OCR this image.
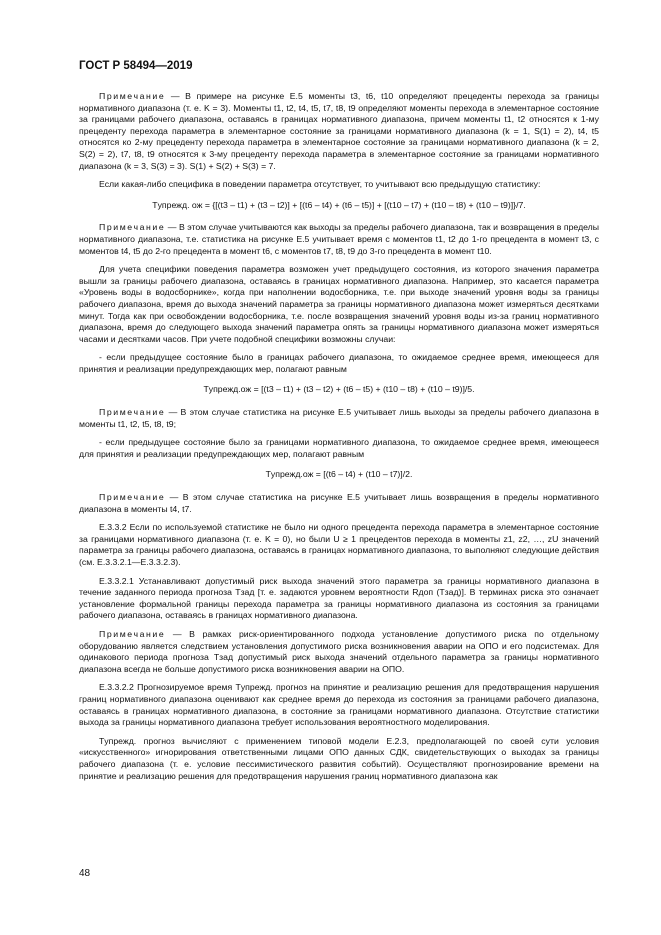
ГОСТ Р 58494—2019

Примечание — В примере на рисунке Е.5 моменты t3, t6, t10 определяют прецеденты перехода за границы нормативного диапазона (т. е. K = 3). Моменты t1, t2, t4, t5, t7, t8, t9 определяют моменты перехода в элементарное состояние за границами рабочего диапазона, оставаясь в границах нормативного диапазона, причем моменты t1, t2 относятся к 1-му прецеденту перехода параметра в элементарное состояние за границами нормативного диапазона (k = 1, S(1) = 2), t4, t5 относятся ко 2-му прецеденту перехода параметра в элементарное состояние за границами нормативного диапазона (k = 2, S(2) = 2), t7, t8, t9 относятся к 3-му прецеденту перехода параметра в элементарное состояние за границами нормативного диапазона (k = 3, S(3) = 3). S(1) + S(2) + S(3) = 7.

Если какая-либо специфика в поведении параметра отсутствует, то учитывают всю предыдущую статистику:

Tупрежд. ож = {[(t3 – t1) + (t3 – t2)] + [(t6 – t4) + (t6 – t5)] + [(t10 – t7) + (t10 – t8) + (t10 – t9)]}/7.

Примечание — В этом случае учитываются как выходы за пределы рабочего диапазона, так и возвращения в пределы нормативного диапазона, т.е. статистика на рисунке Е.5 учитывает время с моментов t1, t2 до 1-го прецедента в момент t3, с моментов t4, t5 до 2-го прецедента в момент t6, с моментов t7, t8, t9 до 3-го прецедента в момент t10.

Для учета специфики поведения параметра возможен учет предыдущего состояния, из которого значения параметра вышли за границы рабочего диапазона, оставаясь в границах нормативного диапазона. Например, это касается параметра «Уровень воды в водосборнике», когда при наполнении водосборника, т.е. при выходе значений уровня воды за границы рабочего диапазона, время до выхода значений параметра за границы нормативного диапазона может измеряться десятками минут. Тогда как при освобождении водосборника, т.е. после возвращения значений уровня воды из-за границ нормативного диапазона, время до следующего выхода значений параметра опять за границы нормативного диапазона может измеряться часами и десятками часов. При учете подобной специфики возможны случаи:

- если предыдущее состояние было в границах рабочего диапазона, то ожидаемое среднее время, имеющееся для принятия и реализации предупреждающих мер, полагают равным

Tупрежд.ож = [(t3 – t1) + (t3 – t2) + (t6 – t5) + (t10 – t8) + (t10 – t9)]/5.

Примечание — В этом случае статистика на рисунке Е.5 учитывает лишь выходы за пределы рабочего диапазона в моменты t1, t2, t5, t8, t9;

- если предыдущее состояние было за границами нормативного диапазона, то ожидаемое среднее время, имеющееся для принятия и реализации предупреждающих мер, полагают равным

Tупрежд.ож = [(t6 – t4) + (t10 – t7)]/2.

Примечание — В этом случае статистика на рисунке Е.5 учитывает лишь возвращения в пределы нормативного диапазона в моменты t4, t7.

Е.3.3.2 Если по используемой статистике не было ни одного прецедента перехода параметра в элементарное состояние за границами нормативного диапазона (т. е. K = 0), но были U ≥ 1 прецедентов перехода в моменты z1, z2, …, zU значений параметра за границы рабочего диапазона, оставаясь в границах нормативного диапазона, то выполняют следующие действия (см. Е.3.3.2.1—Е.3.3.2.3).

Е.3.3.2.1 Устанавливают допустимый риск выхода значений этого параметра за границы нормативного диапазона в течение заданного периода прогноза Tзад [т. е. задаются уровнем вероятности Rдоп (Tзад)]. В терминах риска это означает установление формальной границы перехода параметра за границы нормативного диапазона из состояния за границами рабочего диапазона, оставаясь в границах нормативного диапазона.

Примечание — В рамках риск-ориентированного подхода установление допустимого риска по отдельному оборудованию является следствием установления допустимого риска возникновения аварии на ОПО и его подсистемах. Для одинакового периода прогноза Tзад допустимый риск выхода значений отдельного параметра за границы нормативного диапазона всегда не больше допустимого риска возникновения аварии на ОПО.

Е.3.3.2.2 Прогнозируемое время Tупрежд. прогноз на принятие и реализацию решения для предотвращения нарушения границ нормативного диапазона оценивают как среднее время до перехода из состояния за границами рабочего диапазона, оставаясь в границах нормативного диапазона, в состояние за границами нормативного диапазона. Отсутствие статистики выхода за границы нормативного диапазона требует использования вероятностного моделирования.

Tупрежд. прогноз вычисляют с применением типовой модели Е.2.3, предполагающей по своей сути условия «искусственного» игнорирования ответственными лицами ОПО данных СДК, свидетельствующих о выходах за границы рабочего диапазона (т. е. условие пессимистического развития событий). Осуществляют прогнозирование времени на принятие и реализацию решения для предотвращения нарушения границ нормативного диапазона как

48
